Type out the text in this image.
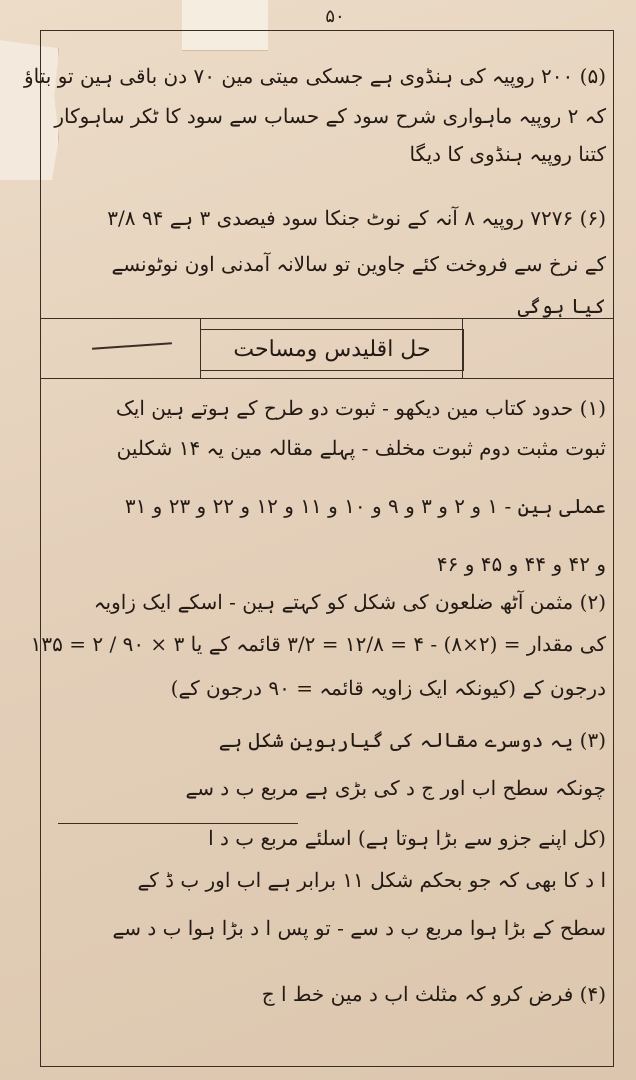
۵۰
حل اقلیدس ومساحت
(۵) ۲۰۰ روپیہ کی ہنڈوی ہے جسکی میتی مین ۷۰ دن باقی ہین تو بتاؤ
کہ ۲ روپیہ ماہواری شرح سود کے حساب سے سود کا ٹکر ساہوکار
کتنا روپیہ ہنڈوی کا دیگا
(۶) ۷۲۷۶ روپیہ ۸ آنہ کے نوٹ جنکا سود فیصدی ۳ ہے ۹۴ ۳/۸
کے نرخ سے فروخت کئے جاوین تو سالانہ آمدنی اون نوٹونسے
کیا ہوگی
(۱) حدود کتاب مین دیکھو - ثبوت دو طرح کے ہوتے ہین ایک
ثبوت مثبت دوم ثبوت مخلف - پہلے مقالہ مین یہ ۱۴ شکلین
عملی ہین - ۱ و ۲ و ۳ و ۹ و ۱۰ و ۱۱ و ۱۲ و ۲۲ و ۲۳ و ۳۱
و ۴۲ و ۴۴ و ۴۵ و ۴۶
(۲) مثمن آٹھ ضلعون کی شکل کو کہتے ہین - اسکے ایک زاویہ
کی مقدار = (۲×۸) - ۴ = ۱۲/۸ = ۳/۲ قائمہ کے یا ۳ × ۹۰ / ۲ = ۱۳۵
درجون کے (کیونکہ ایک زاویہ قائمہ = ۹۰ درجون کے)
(۳) یہ دوسرے مقالہ کی گیارہوین شکل ہے
چونکہ سطح اب اور ج د کی بڑی ہے مربع ب د سے
(کل اپنے جزو سے بڑا ہوتا ہے) اسلئے مربع ب د ا
ا د کا بھی کہ جو بحکم شکل ۱۱ برابر ہے اب اور ب ڈ کے
سطح کے بڑا ہوا مربع ب د سے - تو پس ا د بڑا ہوا ب د سے
(۴) فرض کرو کہ مثلث اب د مین خط ا ج
